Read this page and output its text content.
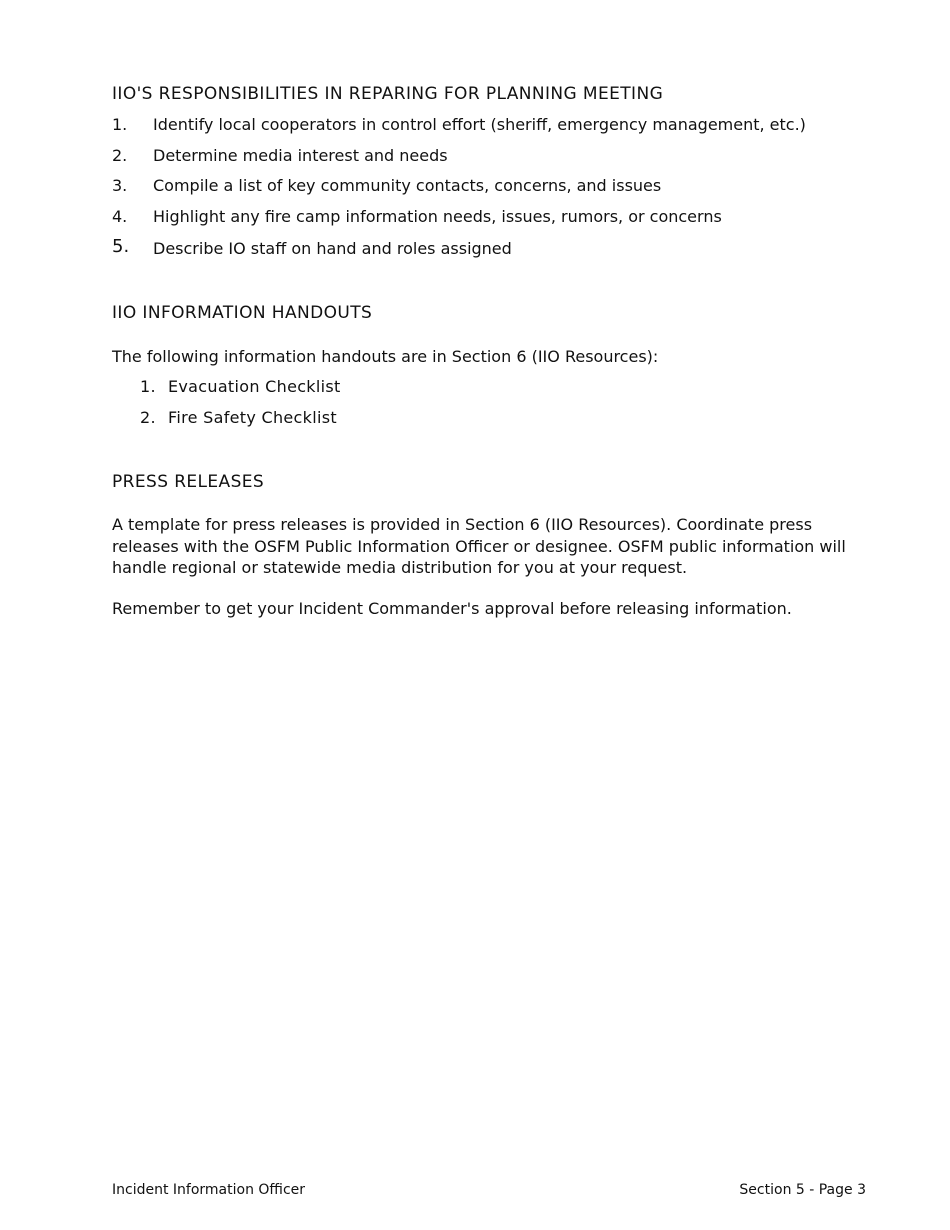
IIO'S RESPONSIBILITIES IN REPARING FOR PLANNING MEETING
1. Identify local cooperators in control effort (sheriff, emergency management, etc.)
2. Determine media interest and needs
3. Compile a list of key community contacts, concerns, and issues
4. Highlight any fire camp information needs, issues, rumors, or concerns
5. Describe IO staff on hand and roles assigned
IIO INFORMATION HANDOUTS

The following information handouts are in Section 6 (IIO Resources):

1. Evacuation Checklist
2. Fire Safety Checklist
PRESS RELEASES

A template for press releases is provided in Section 6 (IIO Resources). Coordinate press releases with the OSFM Public Information Officer or designee. OSFM public information will handle regional or statewide media distribution for you at your request.

Remember to get your Incident Commander's approval before releasing information.

Incident Information Officer	Section 5 - Page 3
